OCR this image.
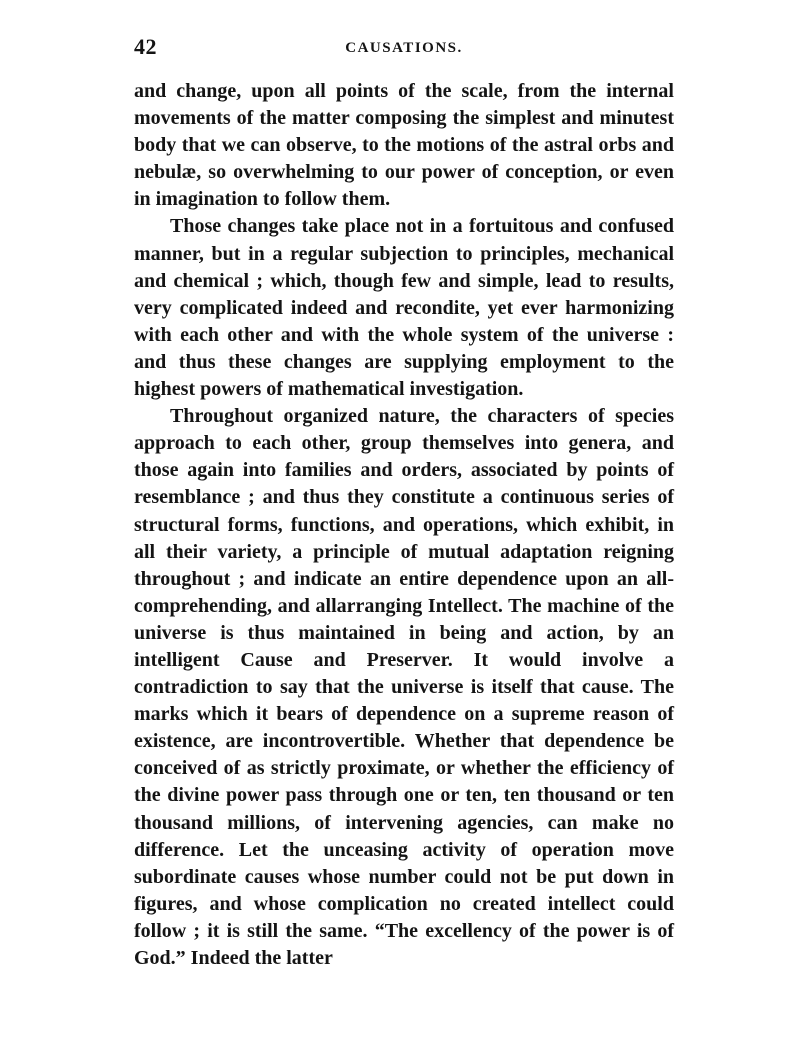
42	CAUSATIONS.

and change, upon all points of the scale, from the internal movements of the matter composing the simplest and minutest body that we can observe, to the motions of the astral orbs and nebulæ, so overwhelming to our power of conception, or even in imagination to follow them.

Those changes take place not in a fortuitous and confused manner, but in a regular subjection to principles, mechanical and chemical ; which, though few and simple, lead to results, very complicated indeed and recondite, yet ever harmonizing with each other and with the whole system of the universe : and thus these changes are supplying employment to the highest powers of mathematical investigation.

Throughout organized nature, the characters of species approach to each other, group themselves into genera, and those again into families and orders, associated by points of resemblance ; and thus they constitute a continuous series of structural forms, functions, and operations, which exhibit, in all their variety, a principle of mutual adaptation reigning throughout ; and indicate an entire dependence upon an all-comprehending, and allarranging Intellect. The machine of the universe is thus maintained in being and action, by an intelligent Cause and Preserver. It would involve a contradiction to say that the universe is itself that cause. The marks which it bears of dependence on a supreme reason of existence, are incontrovertible. Whether that dependence be conceived of as strictly proximate, or whether the efficiency of the divine power pass through one or ten, ten thousand or ten thousand millions, of intervening agencies, can make no difference. Let the unceasing activity of operation move subordinate causes whose number could not be put down in figures, and whose complication no created intellect could follow ; it is still the same. “The excellency of the power is of God.” Indeed the latter
